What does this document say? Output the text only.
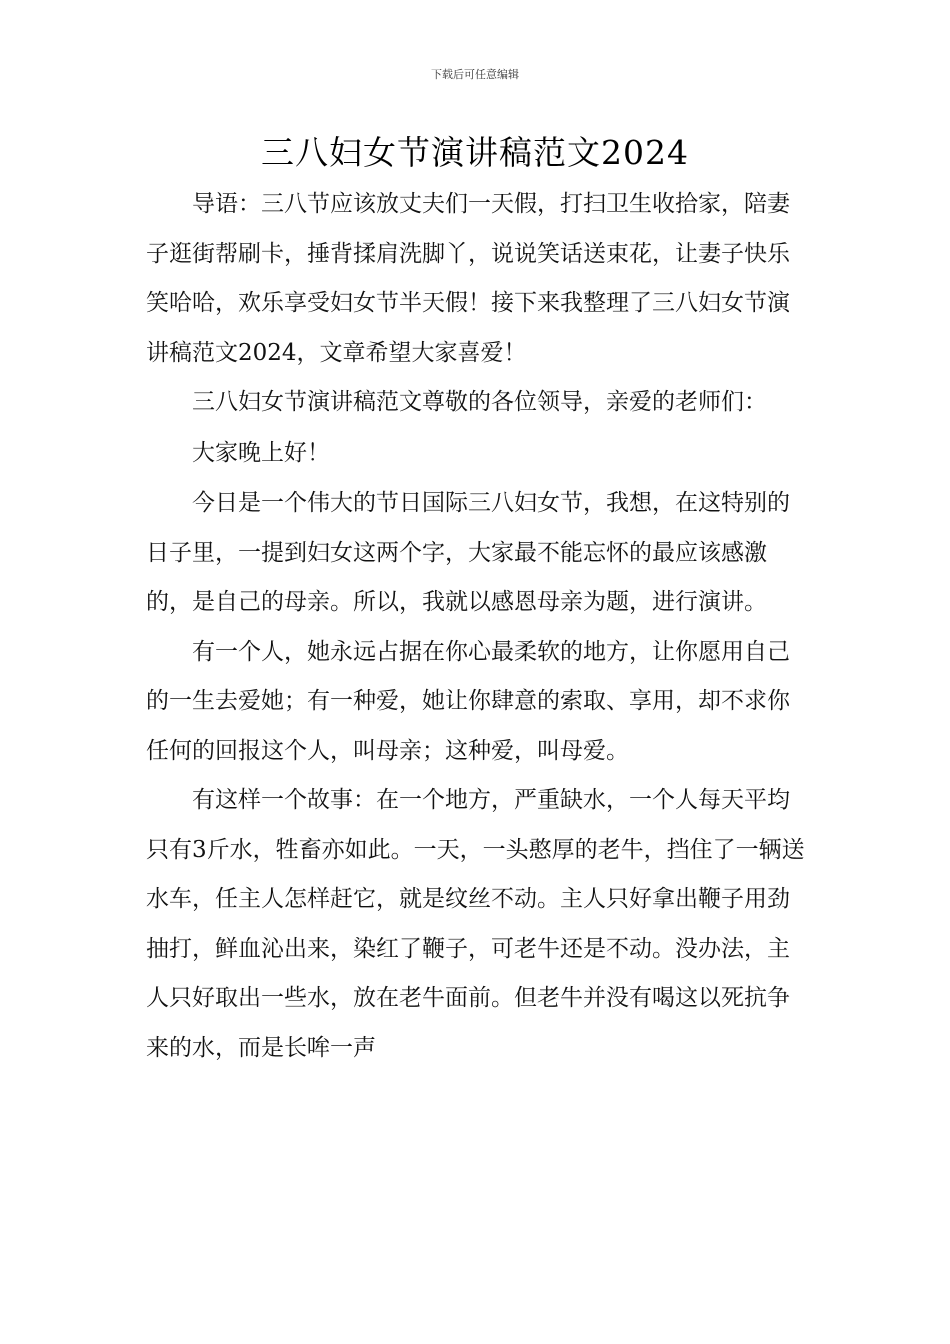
下载后可任意编辑
三八妇女节演讲稿范文2024

导语：三八节应该放丈夫们一天假，打扫卫生收拾家，陪妻子逛街帮刷卡，捶背揉肩洗脚丫，说说笑话送束花，让妻子快乐笑哈哈，欢乐享受妇女节半天假！接下来我整理了三八妇女节演讲稿范文2024，文章希望大家喜爱！

三八妇女节演讲稿范文尊敬的各位领导，亲爱的老师们：

大家晚上好！

今日是一个伟大的节日国际三八妇女节，我想，在这特别的日子里，一提到妇女这两个字，大家最不能忘怀的最应该感激的，是自己的母亲。所以，我就以感恩母亲为题，进行演讲。

有一个人，她永远占据在你心最柔软的地方，让你愿用自己的一生去爱她；有一种爱，她让你肆意的索取、享用，却不求你任何的回报这个人，叫母亲；这种爱，叫母爱。

有这样一个故事：在一个地方，严重缺水，一个人每天平均只有3斤水，牲畜亦如此。一天，一头憨厚的老牛，挡住了一辆送水车，任主人怎样赶它，就是纹丝不动。主人只好拿出鞭子用劲抽打，鲜血沁出来，染红了鞭子，可老牛还是不动。没办法，主人只好取出一些水，放在老牛面前。但老牛并没有喝这以死抗争来的水，而是长哞一声
